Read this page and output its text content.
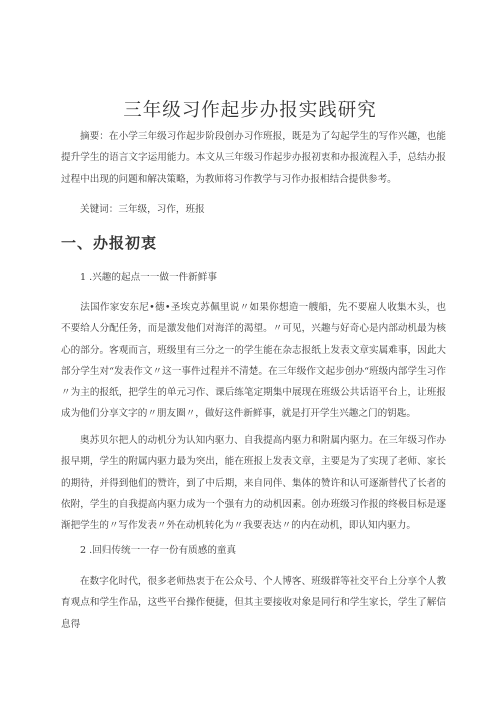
三年级习作起步办报实践研究

摘要：在小学三年级习作起步阶段创办习作班报，既是为了勾起学生的写作兴趣，也能提升学生的语言文字运用能力。本文从三年级习作起步办报初衷和办报流程入手，总结办报过程中出现的问题和解决策略，为教师将习作教学与习作办报相结合提供参考。

关键词：三年级，习作，班报

一、办报初衷

1 .兴趣的起点一一做一件新鲜事

法国作家安东尼•德•圣埃克苏佩里说〃如果你想造一艘船，先不要雇人收集木头，也不要给人分配任务，而是激发他们对海洋的渴望。〃可见，兴趣与好奇心是内部动机最为核心的部分。客观而言，班级里有三分之一的学生能在杂志报纸上发表文章实属难事，因此大部分学生对“发表作文〃这一事件过程并不清楚。在三年级作文起步创办“班级内部学生习作〃为主的报纸，把学生的单元习作、课后练笔定期集中展现在班级公共话语平台上，让班报成为他们分享文字的〃朋友圈〃，做好这件新鲜事，就是打开学生兴趣之门的钥匙。

奥苏贝尔把人的动机分为认知内驱力、自我提高内驱力和附属内驱力。在三年级习作办报早期，学生的附属内驱力最为突出，能在班报上发表文章，主要是为了实现了老师、家长的期待，并得到他们的赞许，到了中后期，来自同伴、集体的赞许和认可逐渐替代了长者的依附，学生的自我提高内驱力成为一个强有力的动机因素。创办班级习作报的终极目标是逐渐把学生的〃写作发表〃外在动机转化为〃我要表达〃的内在动机，即认知内驱力。

2 .回归传统一一存一份有质感的童真

在数字化时代，很多老师热衷于在公众号、个人博客、班级群等社交平台上分享个人教育观点和学生作品，这些平台操作便捷，但其主要接收对象是同行和学生家长，学生了解信息得
